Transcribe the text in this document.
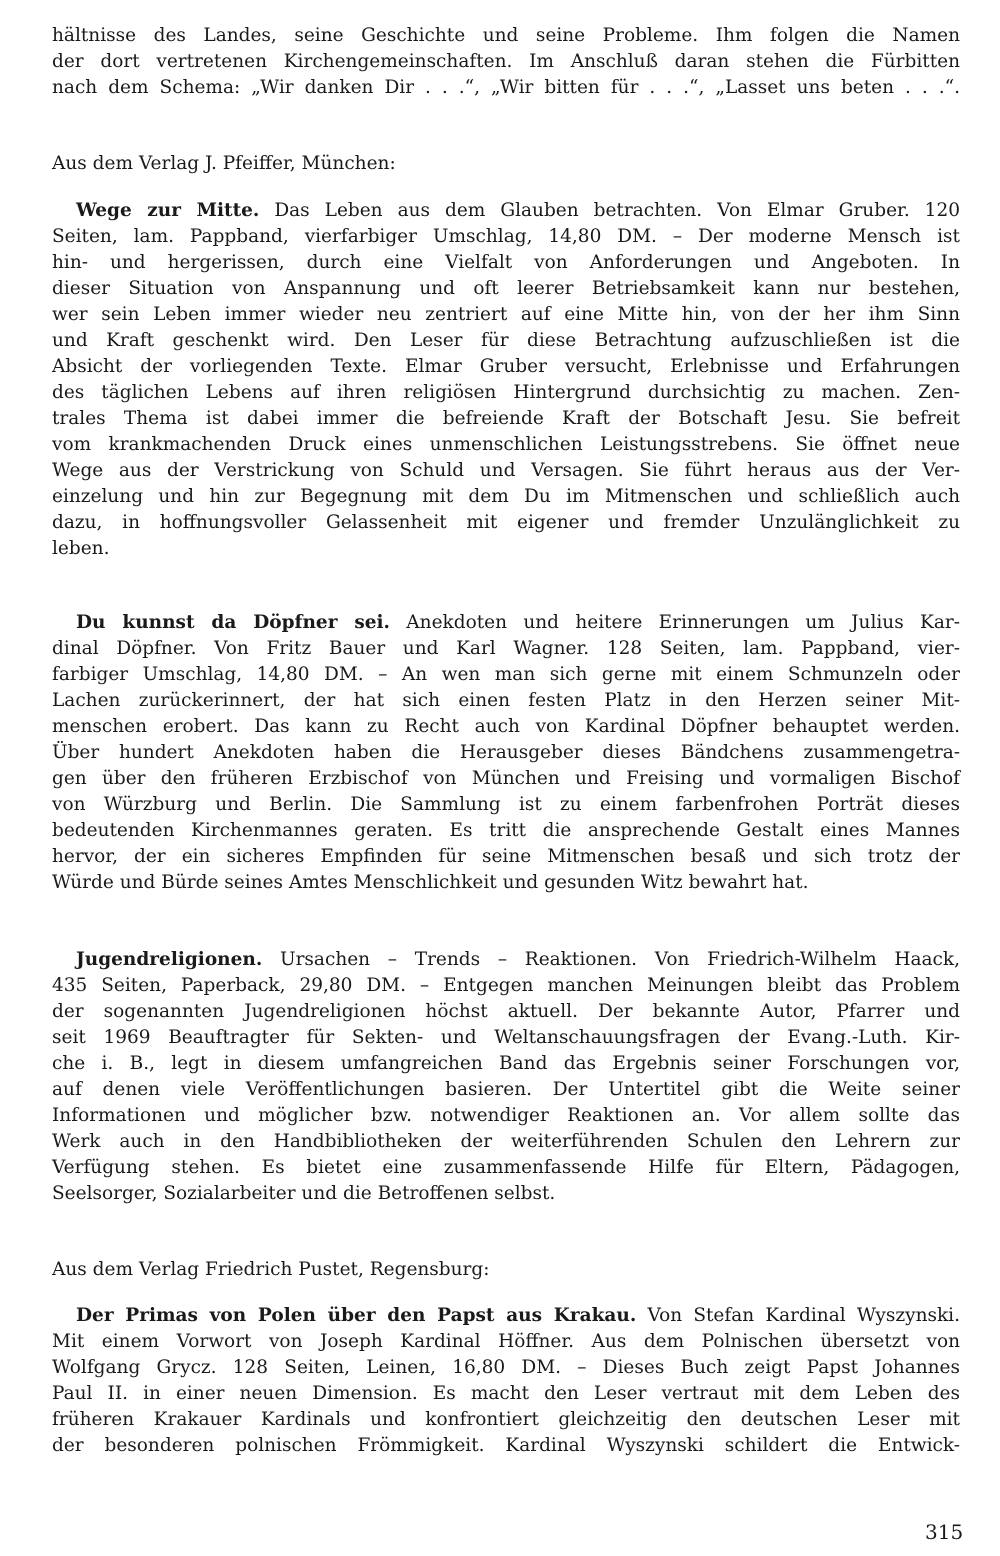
hältnisse des Landes, seine Geschichte und seine Probleme. Ihm folgen die Namen
der dort vertretenen Kirchengemeinschaften. Im Anschluß daran stehen die Fürbitten
nach dem Schema: „Wir danken Dir . . .“, „Wir bitten für . . .“, „Lasset uns beten . . .“.
Aus dem Verlag J. Pfeiffer, München:
Wege zur Mitte. Das Leben aus dem Glauben betrachten. Von Elmar Gruber. 120
Seiten, lam. Pappband, vierfarbiger Umschlag, 14,80 DM. – Der moderne Mensch ist
hin- und hergerissen, durch eine Vielfalt von Anforderungen und Angeboten. In
dieser Situation von Anspannung und oft leerer Betriebsamkeit kann nur bestehen,
wer sein Leben immer wieder neu zentriert auf eine Mitte hin, von der her ihm Sinn
und Kraft geschenkt wird. Den Leser für diese Betrachtung aufzuschließen ist die
Absicht der vorliegenden Texte. Elmar Gruber versucht, Erlebnisse und Erfahrungen
des täglichen Lebens auf ihren religiösen Hintergrund durchsichtig zu machen. Zen-
trales Thema ist dabei immer die befreiende Kraft der Botschaft Jesu. Sie befreit
vom krankmachenden Druck eines unmenschlichen Leistungsstrebens. Sie öffnet neue
Wege aus der Verstrickung von Schuld und Versagen. Sie führt heraus aus der Ver-
einzelung und hin zur Begegnung mit dem Du im Mitmenschen und schließlich auch
dazu, in hoffnungsvoller Gelassenheit mit eigener und fremder Unzulänglichkeit zu
leben.
Du kunnst da Döpfner sei. Anekdoten und heitere Erinnerungen um Julius Kar-
dinal Döpfner. Von Fritz Bauer und Karl Wagner. 128 Seiten, lam. Pappband, vier-
farbiger Umschlag, 14,80 DM. – An wen man sich gerne mit einem Schmunzeln oder
Lachen zurückerinnert, der hat sich einen festen Platz in den Herzen seiner Mit-
menschen erobert. Das kann zu Recht auch von Kardinal Döpfner behauptet werden.
Über hundert Anekdoten haben die Herausgeber dieses Bändchens zusammengetra-
gen über den früheren Erzbischof von München und Freising und vormaligen Bischof
von Würzburg und Berlin. Die Sammlung ist zu einem farbenfrohen Porträt dieses
bedeutenden Kirchenmannes geraten. Es tritt die ansprechende Gestalt eines Mannes
hervor, der ein sicheres Empfinden für seine Mitmenschen besaß und sich trotz der
Würde und Bürde seines Amtes Menschlichkeit und gesunden Witz bewahrt hat.
Jugendreligionen. Ursachen – Trends – Reaktionen. Von Friedrich-Wilhelm Haack,
435 Seiten, Paperback, 29,80 DM. – Entgegen manchen Meinungen bleibt das Problem
der sogenannten Jugendreligionen höchst aktuell. Der bekannte Autor, Pfarrer und
seit 1969 Beauftragter für Sekten- und Weltanschauungsfragen der Evang.-Luth. Kir-
che i. B., legt in diesem umfangreichen Band das Ergebnis seiner Forschungen vor,
auf denen viele Veröffentlichungen basieren. Der Untertitel gibt die Weite seiner
Informationen und möglicher bzw. notwendiger Reaktionen an. Vor allem sollte das
Werk auch in den Handbibliotheken der weiterführenden Schulen den Lehrern zur
Verfügung stehen. Es bietet eine zusammenfassende Hilfe für Eltern, Pädagogen,
Seelsorger, Sozialarbeiter und die Betroffenen selbst.
Aus dem Verlag Friedrich Pustet, Regensburg:
Der Primas von Polen über den Papst aus Krakau. Von Stefan Kardinal Wyszynski.
Mit einem Vorwort von Joseph Kardinal Höffner. Aus dem Polnischen übersetzt von
Wolfgang Grycz. 128 Seiten, Leinen, 16,80 DM. – Dieses Buch zeigt Papst Johannes
Paul II. in einer neuen Dimension. Es macht den Leser vertraut mit dem Leben des
früheren Krakauer Kardinals und konfrontiert gleichzeitig den deutschen Leser mit
der besonderen polnischen Frömmigkeit. Kardinal Wyszynski schildert die Entwick-
315
